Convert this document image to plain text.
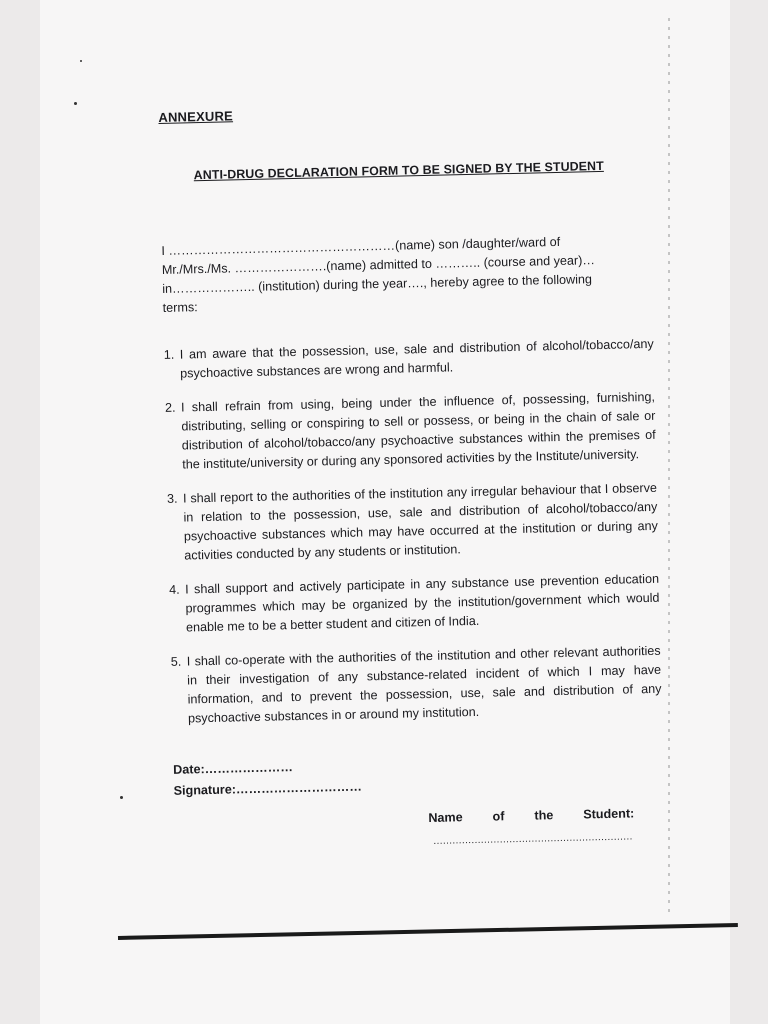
ANNEXURE
ANTI-DRUG DECLARATION FORM TO BE SIGNED BY THE STUDENT

I ………………………………………………(name) son /daughter/ward of

Mr./Mrs./Ms. ………………….(name) admitted to ……….. (course and year)…

in……………….. (institution) during the year…., hereby agree to the following

terms:

1. I am aware that the possession, use, sale and distribution of alcohol/tobacco/any psychoactive substances are wrong and harmful.
2. I shall refrain from using, being under the influence of, possessing, furnishing, distributing, selling or conspiring to sell or possess, or being in the chain of sale or distribution of alcohol/tobacco/any psychoactive substances within the premises of the institute/university or during any sponsored activities by the Institute/university.
3. I shall report to the authorities of the institution any irregular behaviour that I observe in relation to the possession, use, sale and distribution of alcohol/tobacco/any psychoactive substances which may have occurred at the institution or during any activities conducted by any students or institution.
4. I shall support and actively participate in any substance use prevention education programmes which may be organized by the institution/government which would enable me to be a better student and citizen of India.
5. I shall co-operate with the authorities of the institution and other relevant authorities in their investigation of any substance-related incident of which I may have information, and to prevent the possession, use, sale and distribution of any psychoactive substances in or around my institution.
Date:…………………
Signature:…………………………
Name of the Student:
………………………………………………………
